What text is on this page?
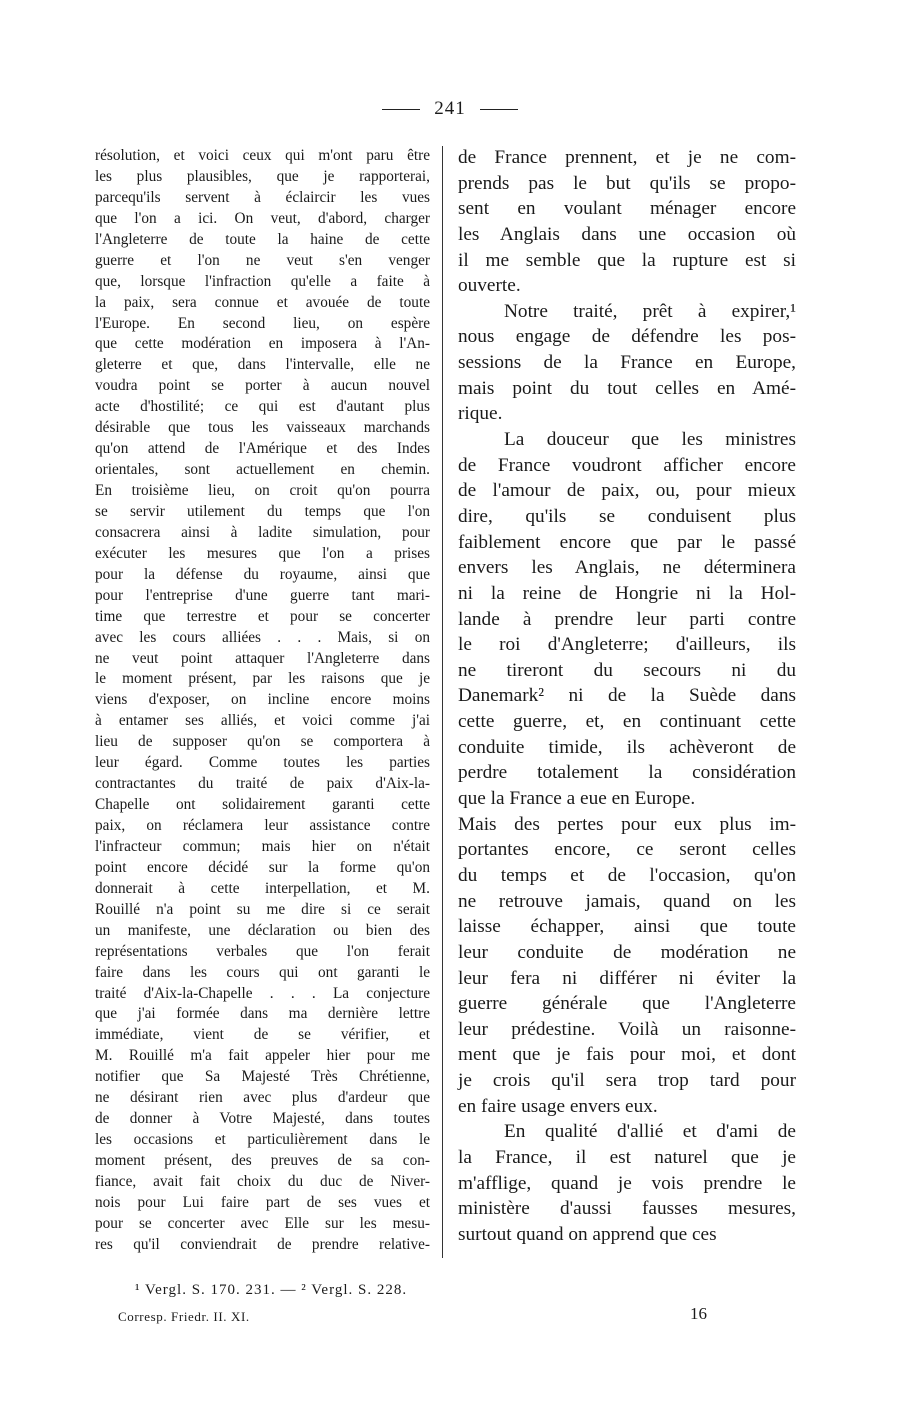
241
résolution, et voici ceux qui m'ont paru être
les plus plausibles, que je rapporterai,
parcequ'ils servent à éclaircir les vues
que l'on a ici. On veut, d'abord, charger
l'Angleterre de toute la haine de cette
guerre et l'on ne veut s'en venger
que, lorsque l'infraction qu'elle a faite à
la paix, sera connue et avouée de toute
l'Europe. En second lieu, on espère
que cette modération en imposera à l'An-
gleterre et que, dans l'intervalle, elle ne
voudra point se porter à aucun nouvel
acte d'hostilité; ce qui est d'autant plus
désirable que tous les vaisseaux marchands
qu'on attend de l'Amérique et des Indes
orientales, sont actuellement en chemin.
En troisième lieu, on croit qu'on pourra
se servir utilement du temps que l'on
consacrera ainsi à ladite simulation, pour
exécuter les mesures que l'on a prises
pour la défense du royaume, ainsi que
pour l'entreprise d'une guerre tant mari-
time que terrestre et pour se concerter
avec les cours alliées . . . Mais, si on
ne veut point attaquer l'Angleterre dans
le moment présent, par les raisons que je
viens d'exposer, on incline encore moins
à entamer ses alliés, et voici comme j'ai
lieu de supposer qu'on se comportera à
leur égard. Comme toutes les parties
contractantes du traité de paix d'Aix-la-
Chapelle ont solidairement garanti cette
paix, on réclamera leur assistance contre
l'infracteur commun; mais hier on n'était
point encore décidé sur la forme qu'on
donnerait à cette interpellation, et M.
Rouillé n'a point su me dire si ce serait
un manifeste, une déclaration ou bien des
représentations verbales que l'on ferait
faire dans les cours qui ont garanti le
traité d'Aix-la-Chapelle . . . La conjecture
que j'ai formée dans ma dernière lettre
immédiate, vient de se vérifier, et
M. Rouillé m'a fait appeler hier pour me
notifier que Sa Majesté Très Chrétienne,
ne désirant rien avec plus d'ardeur que
de donner à Votre Majesté, dans toutes
les occasions et particulièrement dans le
moment présent, des preuves de sa con-
fiance, avait fait choix du duc de Niver-
nois pour Lui faire part de ses vues et
pour se concerter avec Elle sur les mesu-
res qu'il conviendrait de prendre relative-
de France prennent, et je ne com-
prends pas le but qu'ils se propo-
sent en voulant ménager encore
les Anglais dans une occasion où
il me semble que la rupture est si
ouverte.
Notre traité, prêt à expirer,¹
nous engage de défendre les pos-
sessions de la France en Europe,
mais point du tout celles en Amé-
rique.
La douceur que les ministres
de France voudront afficher encore
de l'amour de paix, ou, pour mieux
dire, qu'ils se conduisent plus
faiblement encore que par le passé
envers les Anglais, ne déterminera
ni la reine de Hongrie ni la Hol-
lande à prendre leur parti contre
le roi d'Angleterre; d'ailleurs, ils
ne tireront du secours ni du
Danemark² ni de la Suède dans
cette guerre, et, en continuant cette
conduite timide, ils achèveront de
perdre totalement la considération
que la France a eue en Europe.
Mais des pertes pour eux plus im-
portantes encore, ce seront celles
du temps et de l'occasion, qu'on
ne retrouve jamais, quand on les
laisse échapper, ainsi que toute
leur conduite de modération ne
leur fera ni différer ni éviter la
guerre générale que l'Angleterre
leur prédestine. Voilà un raisonne-
ment que je fais pour moi, et dont
je crois qu'il sera trop tard pour
en faire usage envers eux.
En qualité d'allié et d'ami de
la France, il est naturel que je
m'afflige, quand je vois prendre le
ministère d'aussi fausses mesures,
surtout quand on apprend que ces
¹ Vergl. S. 170. 231. — ² Vergl. S. 228.
Corresp. Friedr. II. XI.	16
